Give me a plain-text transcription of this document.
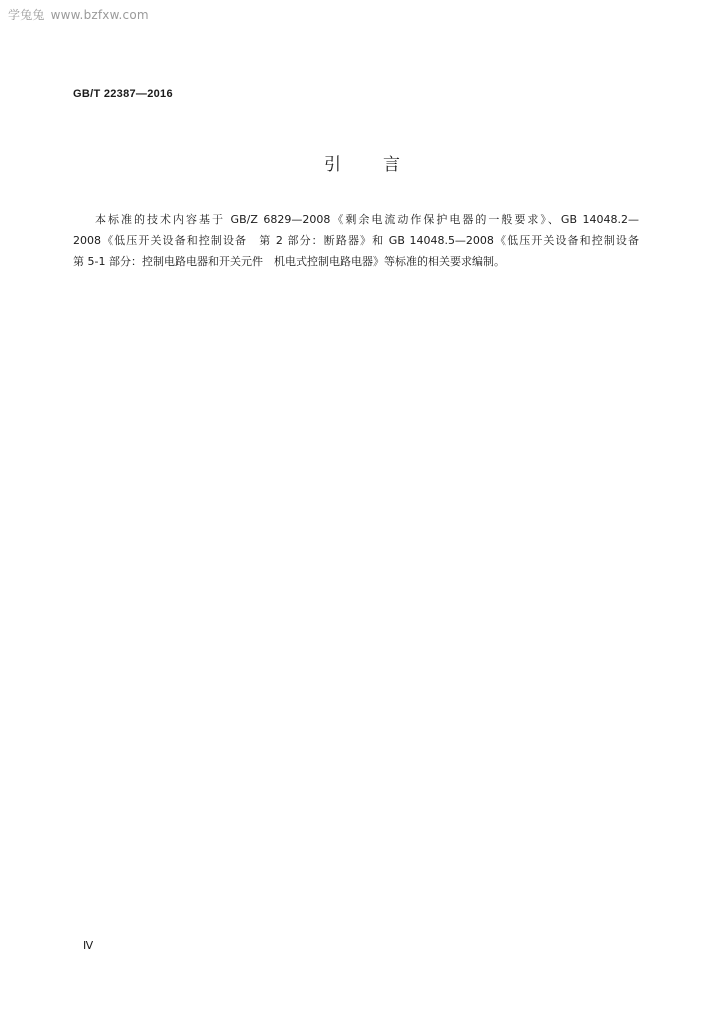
学兔兔 www.bzfxw.com
GB/T 22387—2016
引言

本标准的技术内容基于 GB/Z 6829—2008《剩余电流动作保护电器的一般要求》、GB 14048.2—
2008《低压开关设备和控制设备　第 2 部分：断路器》和 GB 14048.5—2008《低压开关设备和控制设备
第 5-1 部分：控制电路电器和开关元件　机电式控制电路电器》等标准的相关要求编制。

Ⅳ
